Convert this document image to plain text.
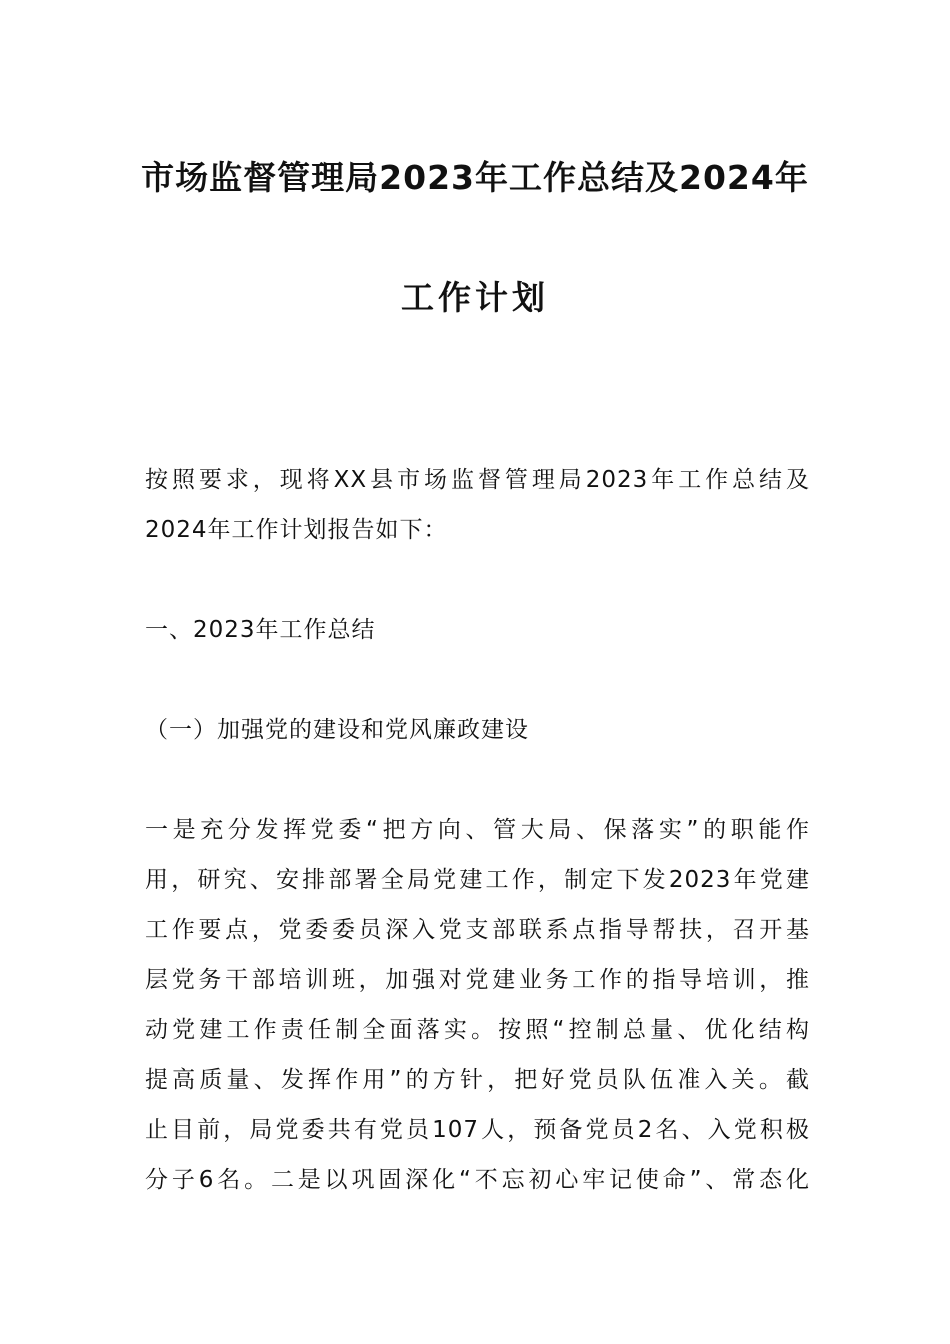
市场监督管理局2023年工作总结及2024年
工作计划
按照要求，现将XX县市场监督管理局2023年工作总结及
2024年工作计划报告如下：
一、2023年工作总结
（一）加强党的建设和党风廉政建设
一是充分发挥党委“把方向、管大局、保落实”的职能作
用，研究、安排部署全局党建工作，制定下发2023年党建
工作要点，党委委员深入党支部联系点指导帮扶，召开基
层党务干部培训班，加强对党建业务工作的指导培训，推
动党建工作责任制全面落实。按照“控制总量、优化结构
提高质量、发挥作用”的方针，把好党员队伍准入关。截
止目前，局党委共有党员107人，预备党员2名、入党积极
分子6名。二是以巩固深化“不忘初心牢记使命”、常态化
